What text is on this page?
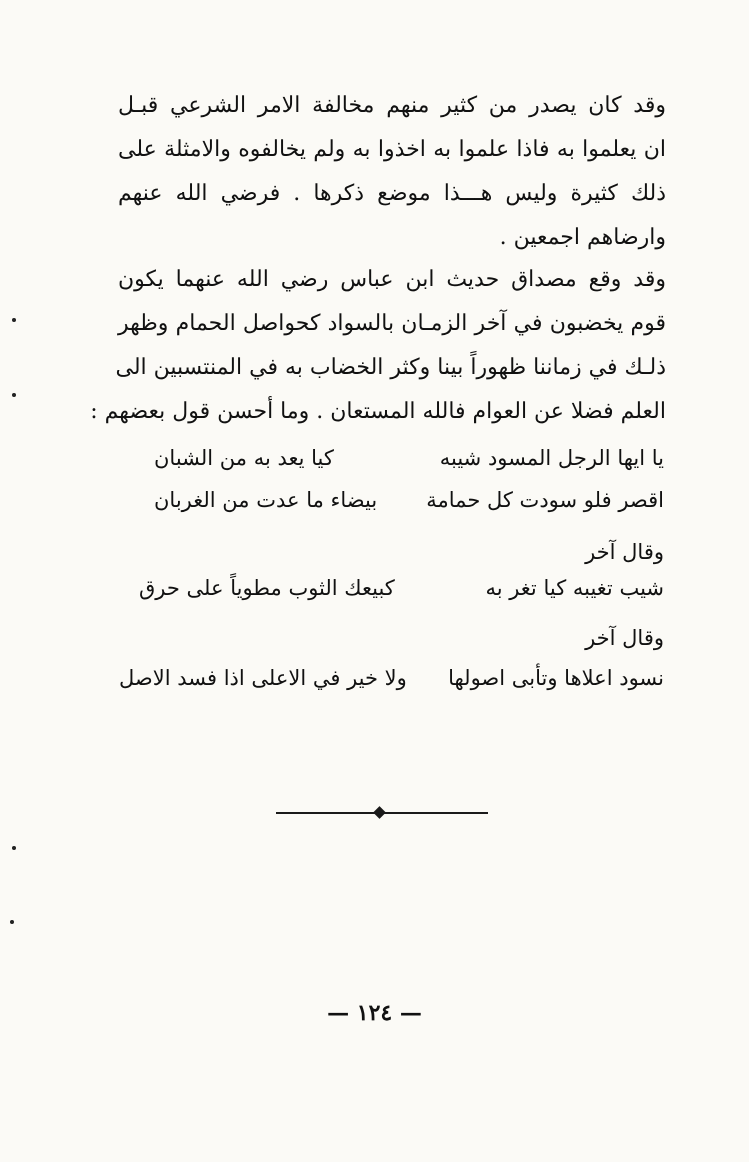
وقد كان يصدر من كثير منهم مخالفة الامر الشرعي قبـل
ان يعلموا به فاذا علموا به اخذوا به ولم يخالفوه والامثلة على
ذلك كثيرة وليس هـــذا موضع ذكرها . فرضي الله عنهم
وارضاهم اجمعين .
وقد وقع مصداق حديث ابن عباس رضي الله عنهما يكون
قوم يخضبون في آخر الزمـان بالسواد كحواصل الحمام وظهر
ذلـك في زماننا ظهوراً بينا وكثر الخضاب به في المنتسبين الى
العلم فضلا عن العوام فالله المستعان . وما أحسن قول بعضهم :
يا ايها الرجل المسود شيبه
كيا يعد به من الشبان
اقصر فلو سودت كل حمامة
بيضاء ما عدت من الغربان
وقال آخر
شيب تغيبه كيا تغر به
كبيعك الثوب مطوياً على حرق
وقال آخر
نسود اعلاها وتأبى اصولها
ولا خير في الاعلى اذا فسد الاصل
— ١٢٤ —
